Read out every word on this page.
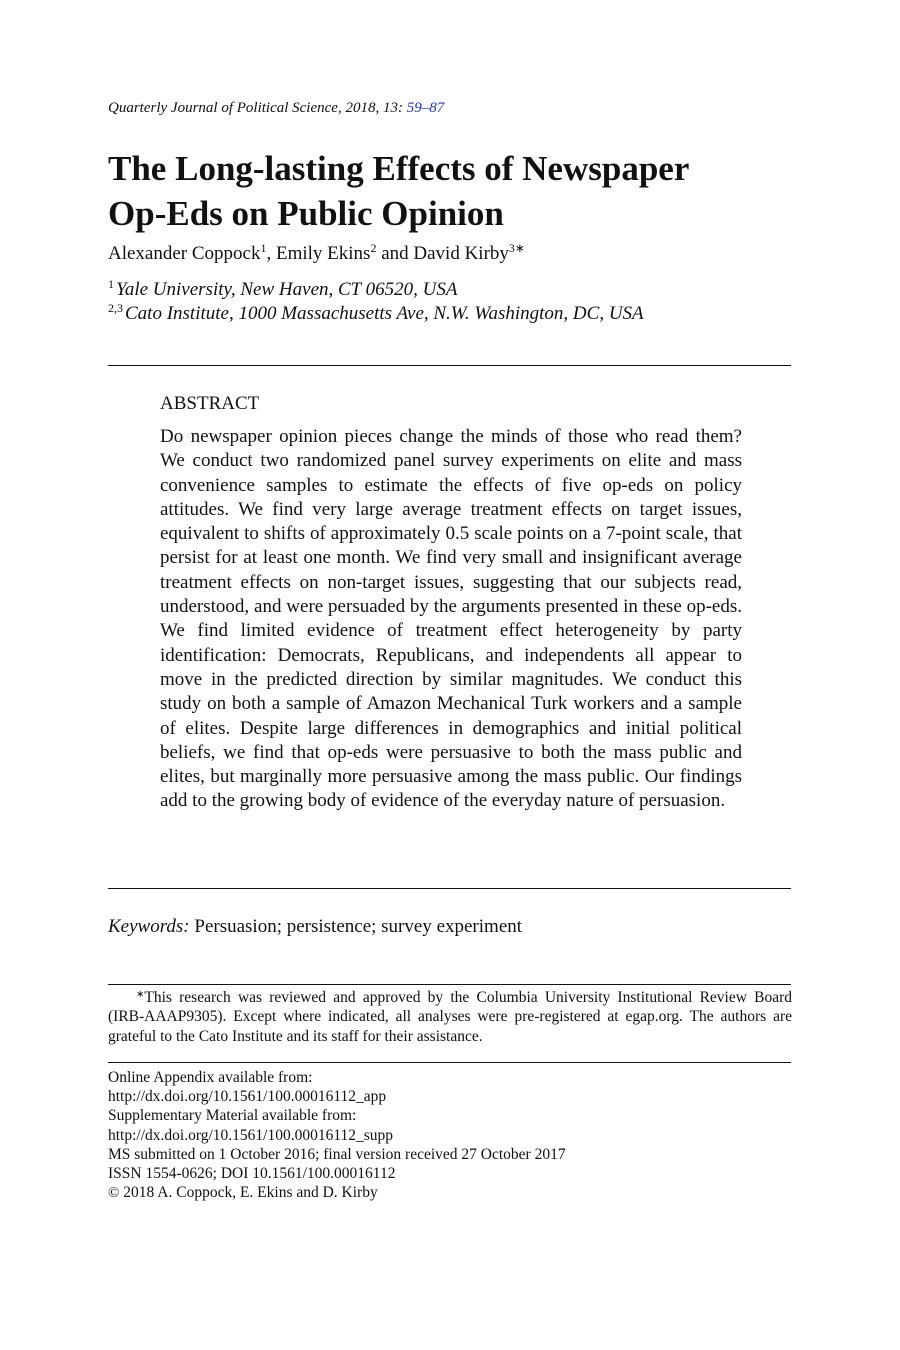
Quarterly Journal of Political Science, 2018, 13: 59–87
The Long-lasting Effects of Newspaper
Op-Eds on Public Opinion
Alexander Coppock$^1$, Emily Ekins$^2$ and David Kirby$^{3∗}$
$^1$ Yale University, New Haven, CT 06520, USA
$^{2,3}$ Cato Institute, 1000 Massachusetts Ave, N.W. Washington, DC, USA
ABSTRACT

Do newspaper opinion pieces change the minds of those who read them? We conduct two randomized panel survey experiments on elite and mass convenience samples to estimate the effects of five op-eds on policy attitudes. We find very large average treatment effects on target issues, equivalent to shifts of approximately 0.5 scale points on a 7-point scale, that persist for at least one month. We find very small and insignificant average treatment effects on non-target issues, suggesting that our subjects read, understood, and were persuaded by the arguments presented in these op-eds. We find limited evidence of treatment effect heterogeneity by party identification: Democrats, Republicans, and independents all appear to move in the predicted direction by similar magnitudes. We conduct this study on both a sample of Amazon Mechanical Turk workers and a sample of elites. Despite large differences in demographics and initial political beliefs, we find that op-eds were persuasive to both the mass public and elites, but marginally more persuasive among the mass public. Our findings add to the growing body of evidence of the everyday nature of persuasion.

Keywords: Persuasion; persistence; survey experiment

∗This research was reviewed and approved by the Columbia University Institutional Review Board (IRB-AAAP9305). Except where indicated, all analyses were pre-registered at egap.org. The authors are grateful to the Cato Institute and its staff for their assistance.

Online Appendix available from:
http://dx.doi.org/10.1561/100.00016112_app
Supplementary Material available from:
http://dx.doi.org/10.1561/100.00016112_supp
MS submitted on 1 October 2016; final version received 27 October 2017
ISSN 1554-0626; DOI 10.1561/100.00016112
© 2018 A. Coppock, E. Ekins and D. Kirby
